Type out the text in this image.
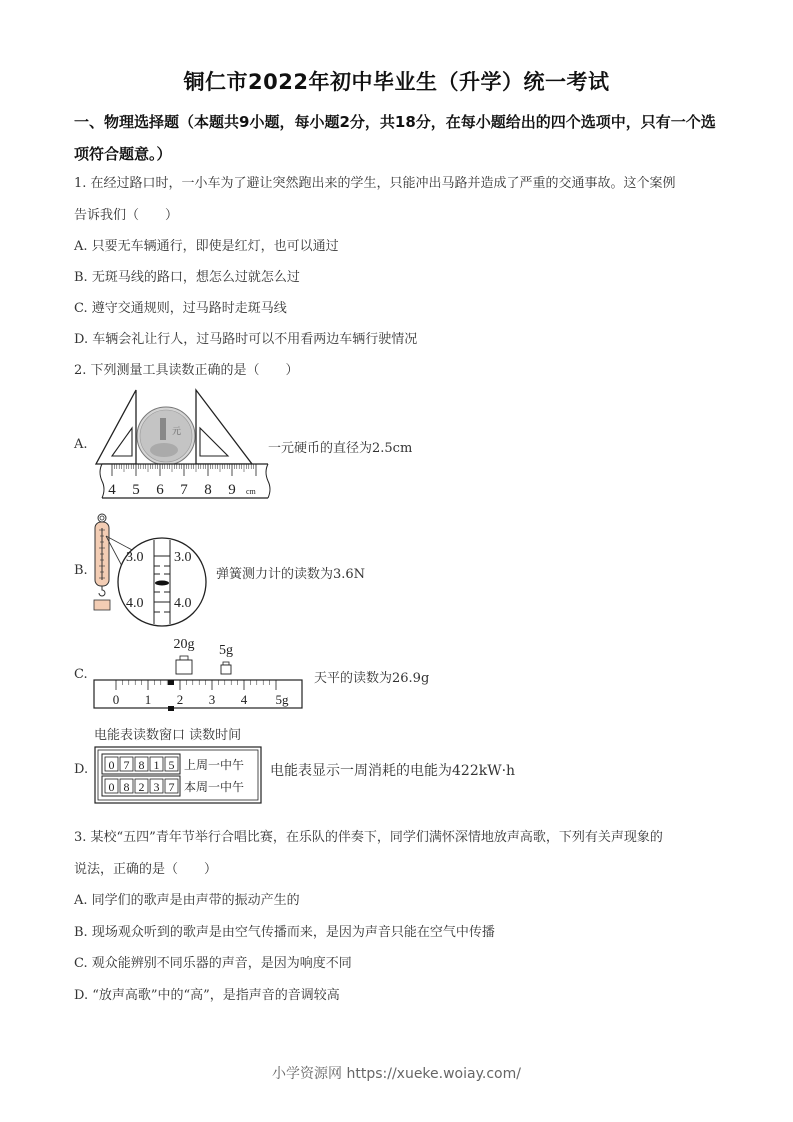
铜仁市2022年初中毕业生（升学）统一考试
一、物理选择题（本题共9小题，每小题2分，共18分，在每小题给出的四个选项中，只有一个选项符合题意。）
1. 在经过路口时，一小车为了避让突然跑出来的学生，只能冲出马路并造成了严重的交通事故。这个案例
告诉我们（　　）
A. 只要无车辆通行，即使是红灯，也可以通过
B. 无斑马线的路口，想怎么过就怎么过
C. 遵守交通规则，过马路时走斑马线
D. 车辆会礼让行人，过马路时可以不用看两边车辆行驶情况
2. 下列测量工具读数正确的是（　　）
A.
元
4 5 6 7 8 9 cm
一元硬币的直径为2.5cm
B.
3.0 3.0
4.0 4.0
弹簧测力计的读数为3.6N
C.
20g 5g
0 1 2 3 4 5g
天平的读数为26.9g
电能表读数窗口 读数时间
D. 0 7 8 1 5
0 8 2 3 7
上周一中午
本周一中午
电能表显示一周消耗的电能为422kW·h
3. 某校“五四”青年节举行合唱比赛，在乐队的伴奏下，同学们满怀深情地放声高歌，下列有关声现象的
说法，正确的是（　　）
A. 同学们的歌声是由声带的振动产生的
B. 现场观众听到的歌声是由空气传播而来，是因为声音只能在空气中传播
C. 观众能辨别不同乐器的声音，是因为响度不同
D. “放声高歌”中的“高”，是指声音的音调较高
小学资源网 https://xueke.woiay.com/
